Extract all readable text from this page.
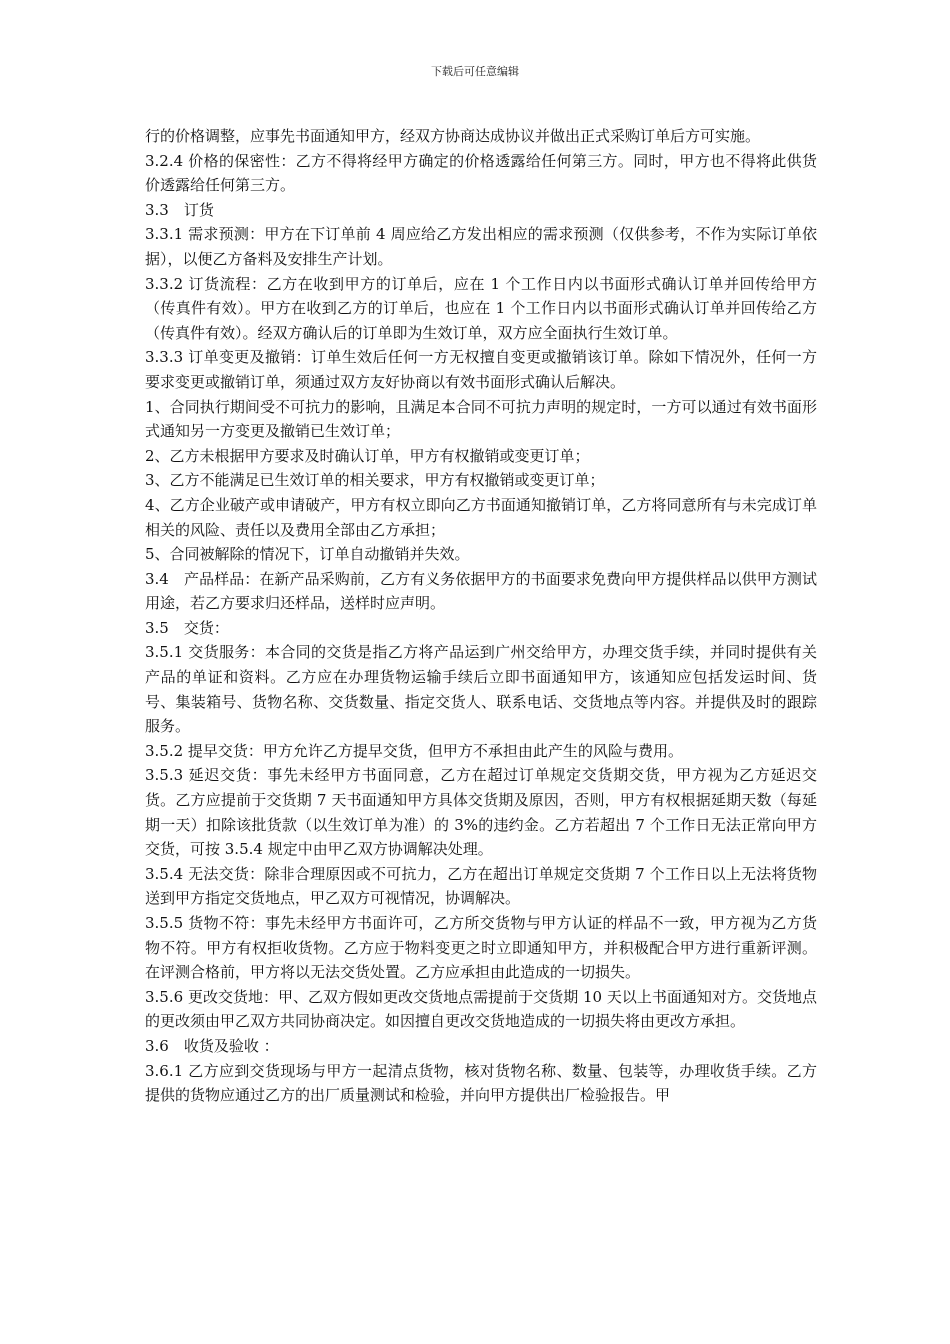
下载后可任意编辑

行的价格调整，应事先书面通知甲方，经双方协商达成协议并做出正式采购订单后方可实施。

3.2.4 价格的保密性：乙方不得将经甲方确定的价格透露给任何第三方。同时，甲方也不得将此供货价透露给任何第三方。

3.3　订货

3.3.1 需求预测：甲方在下订单前 4 周应给乙方发出相应的需求预测（仅供参考，不作为实际订单依据），以便乙方备料及安排生产计划。

3.3.2 订货流程：乙方在收到甲方的订单后，应在 1 个工作日内以书面形式确认订单并回传给甲方（传真件有效）。甲方在收到乙方的订单后，也应在 1 个工作日内以书面形式确认订单并回传给乙方（传真件有效）。经双方确认后的订单即为生效订单，双方应全面执行生效订单。

3.3.3 订单变更及撤销：订单生效后任何一方无权擅自变更或撤销该订单。除如下情况外，任何一方要求变更或撤销订单，须通过双方友好协商以有效书面形式确认后解决。

1、合同执行期间受不可抗力的影响，且满足本合同不可抗力声明的规定时，一方可以通过有效书面形式通知另一方变更及撤销已生效订单；

2、乙方未根据甲方要求及时确认订单，甲方有权撤销或变更订单；

3、乙方不能满足已生效订单的相关要求，甲方有权撤销或变更订单；

4、乙方企业破产或申请破产，甲方有权立即向乙方书面通知撤销订单，乙方将同意所有与未完成订单相关的风险、责任以及费用全部由乙方承担；

5、合同被解除的情况下，订单自动撤销并失效。

3.4　产品样品：在新产品采购前，乙方有义务依据甲方的书面要求免费向甲方提供样品以供甲方测试用途，若乙方要求归还样品，送样时应声明。

3.5　交货：

3.5.1 交货服务：本合同的交货是指乙方将产品运到广州交给甲方，办理交货手续，并同时提供有关产品的单证和资料。乙方应在办理货物运输手续后立即书面通知甲方，该通知应包括发运时间、货号、集装箱号、货物名称、交货数量、指定交货人、联系电话、交货地点等内容。并提供及时的跟踪服务。

3.5.2 提早交货：甲方允许乙方提早交货，但甲方不承担由此产生的风险与费用。

3.5.3 延迟交货：事先未经甲方书面同意，乙方在超过订单规定交货期交货，甲方视为乙方延迟交货。乙方应提前于交货期 7 天书面通知甲方具体交货期及原因，否则，甲方有权根据延期天数（每延期一天）扣除该批货款（以生效订单为准）的 3%的违约金。乙方若超出 7 个工作日无法正常向甲方交货，可按 3.5.4 规定中由甲乙双方协调解决处理。

3.5.4 无法交货：除非合理原因或不可抗力，乙方在超出订单规定交货期 7 个工作日以上无法将货物送到甲方指定交货地点，甲乙双方可视情况，协调解决。

3.5.5 货物不符：事先未经甲方书面许可，乙方所交货物与甲方认证的样品不一致，甲方视为乙方货物不符。甲方有权拒收货物。乙方应于物料变更之时立即通知甲方，并积极配合甲方进行重新评测。在评测合格前，甲方将以无法交货处置。乙方应承担由此造成的一切损失。

3.5.6 更改交货地：甲、乙双方假如更改交货地点需提前于交货期 10 天以上书面通知对方。交货地点的更改须由甲乙双方共同协商决定。如因擅自更改交货地造成的一切损失将由更改方承担。

3.6　收货及验收 ：

3.6.1 乙方应到交货现场与甲方一起清点货物，核对货物名称、数量、包装等，办理收货手续。乙方提供的货物应通过乙方的出厂质量测试和检验，并向甲方提供出厂检验报告。甲
